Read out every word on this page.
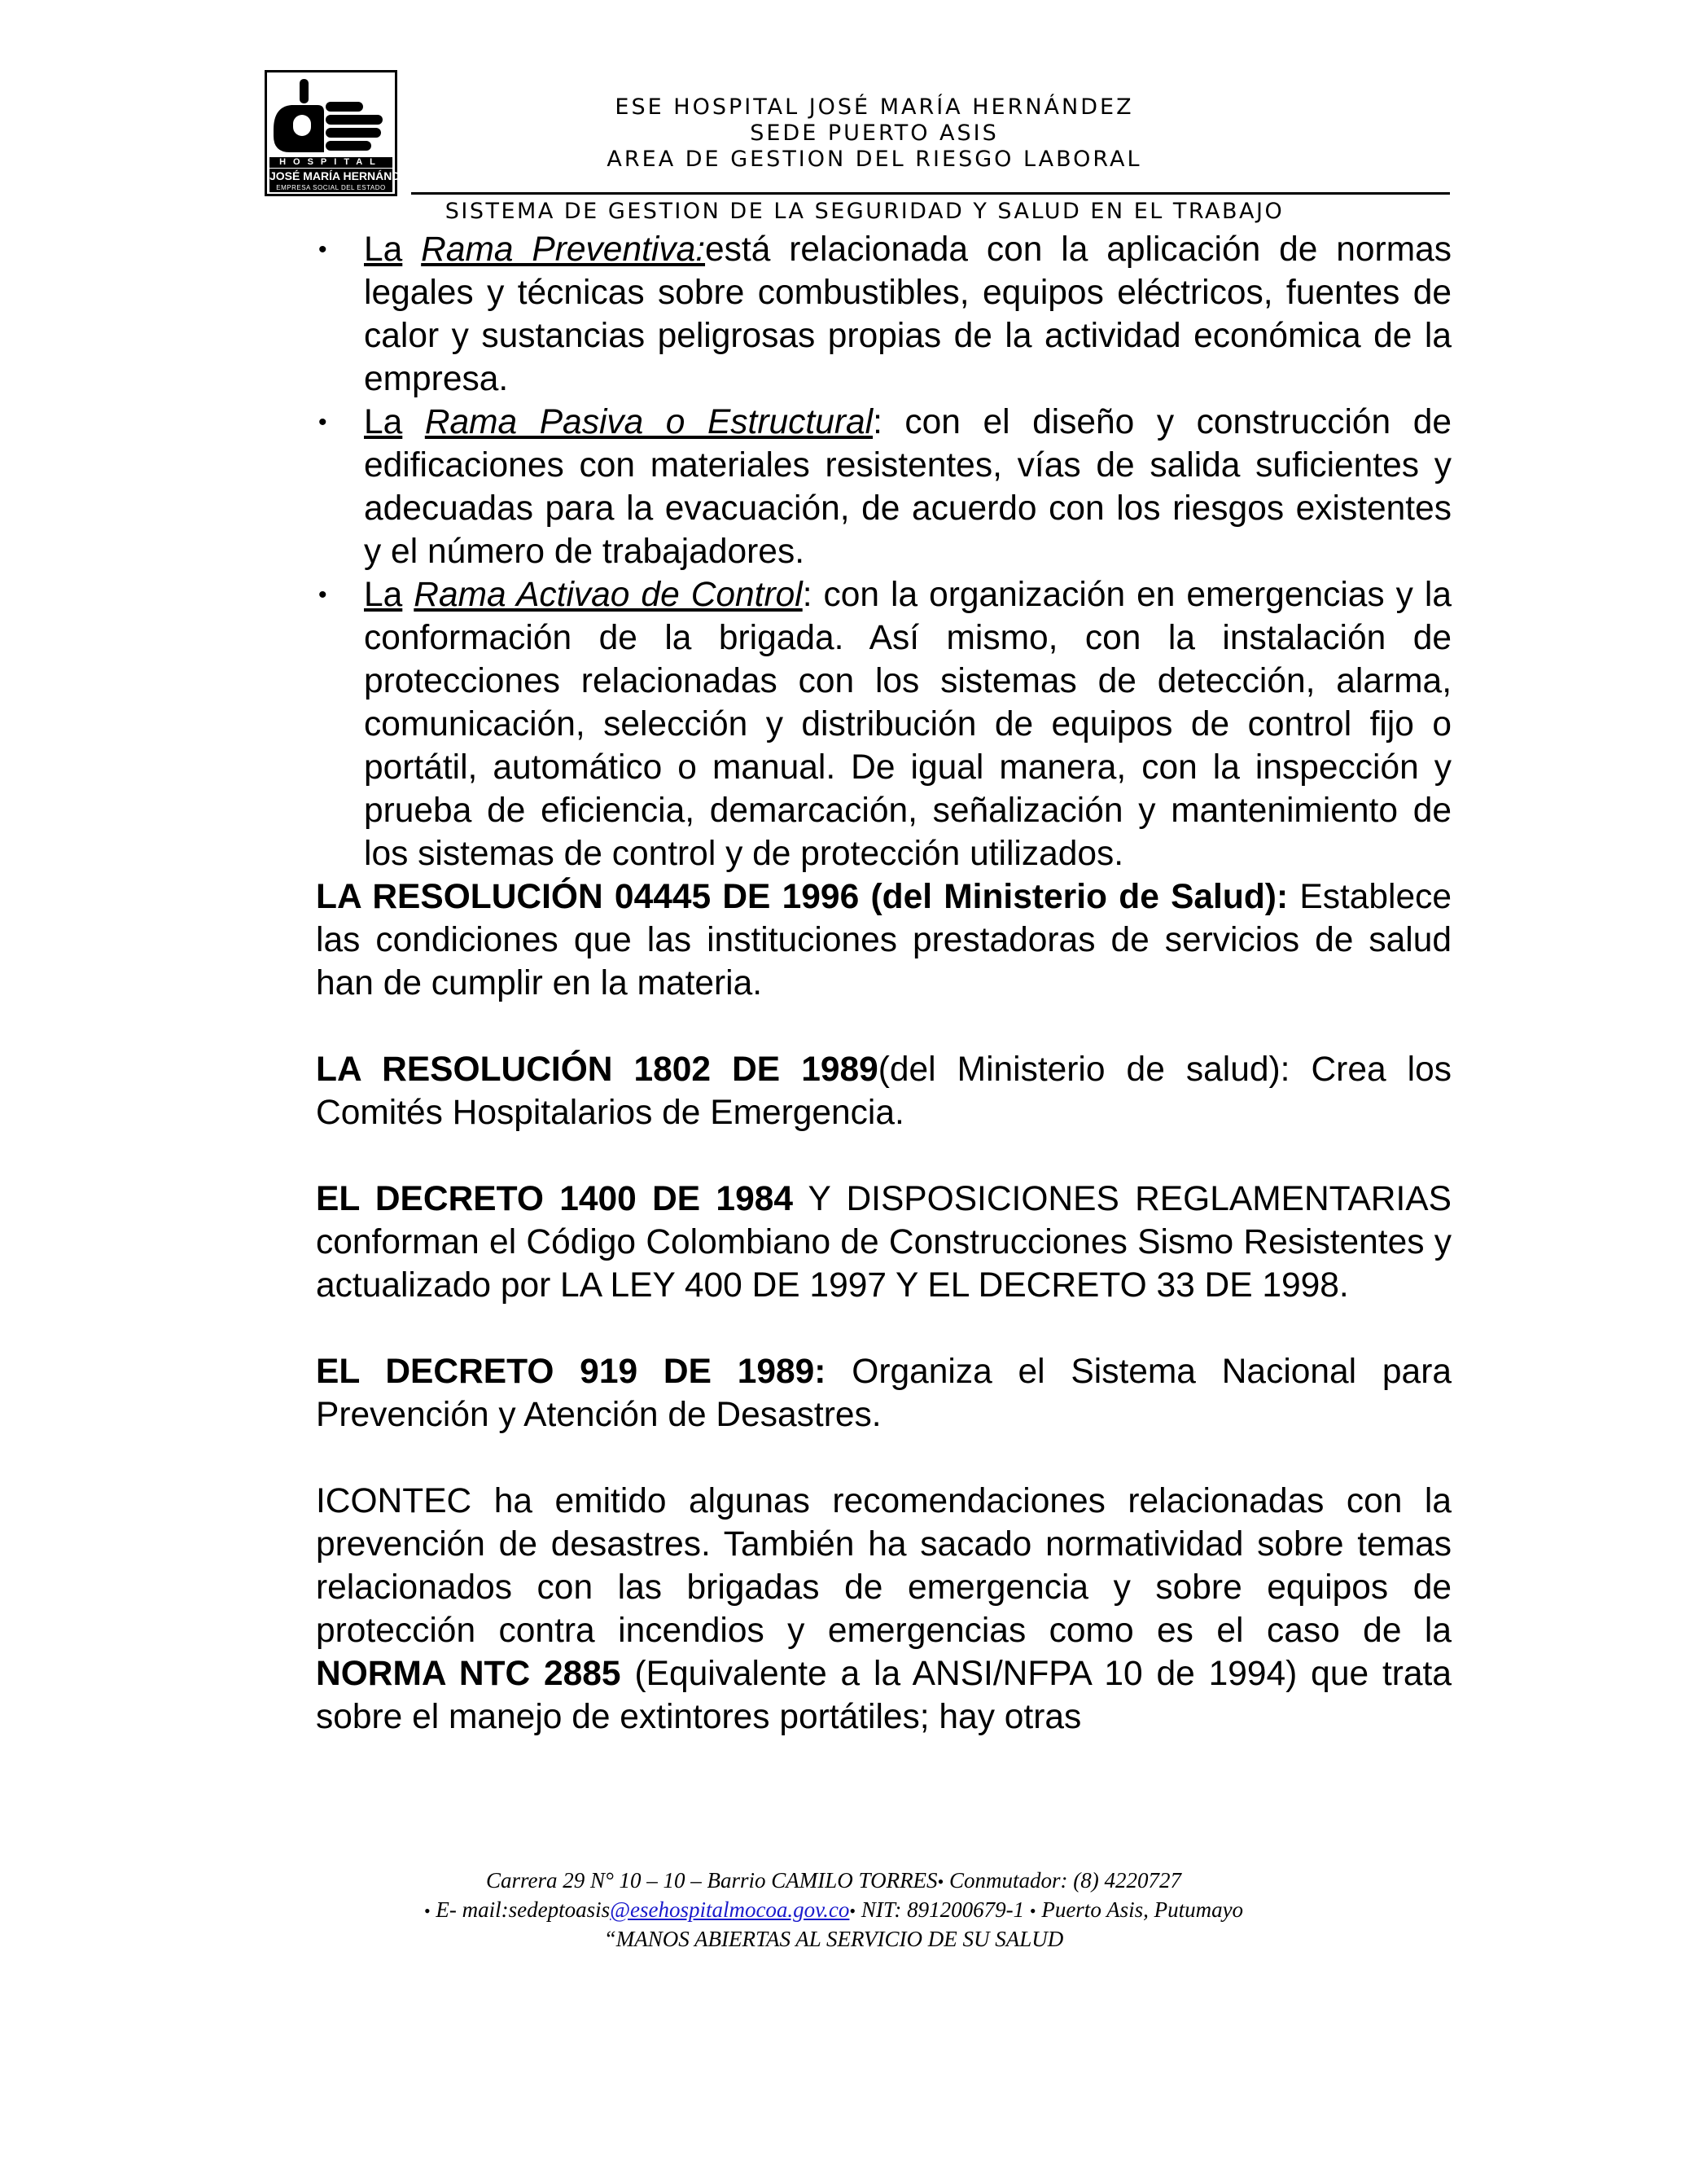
HOSPITAL
JOSÉ MARÍA HERNÁNDEZ
EMPRESA SOCIAL DEL ESTADO
ESE HOSPITAL JOSÉ MARÍA HERNÁNDEZ
SEDE PUERTO ASIS
AREA DE GESTION DEL RIESGO LABORAL
SISTEMA DE GESTION DE LA SEGURIDAD Y SALUD EN EL TRABAJO
• La Rama Preventiva:está relacionada con la aplicación de normas legales y técnicas sobre combustibles, equipos eléctricos, fuentes de calor y sustancias peligrosas propias de la actividad económica de la empresa.
• La Rama Pasiva o Estructural: con el diseño y construcción de edificaciones con materiales resistentes, vías de salida suficientes y adecuadas para la evacuación, de acuerdo con los riesgos existentes y el número de trabajadores.
• La Rama Activao de Control: con la organización en emergencias y la conformación de la brigada. Así mismo, con la instalación de protecciones relacionadas con los sistemas de detección, alarma, comunicación, selección y distribución de equipos de control fijo o portátil, automático o manual. De igual manera, con la inspección y prueba de eficiencia, demarcación, señalización y mantenimiento de los sistemas de control y de protección utilizados.

LA RESOLUCIÓN 04445 DE 1996 (del Ministerio de Salud): Establece las condiciones que las instituciones prestadoras de servicios de salud han de cumplir en la materia.

LA RESOLUCIÓN 1802 DE 1989(del Ministerio de salud): Crea los Comités Hospitalarios de Emergencia.

EL DECRETO 1400 DE 1984 Y DISPOSICIONES REGLAMENTARIAS conforman el Código Colombiano de Construcciones Sismo Resistentes y actualizado por LA LEY 400 DE 1997 Y EL DECRETO 33 DE 1998.

EL DECRETO 919 DE 1989: Organiza el Sistema Nacional para Prevención y Atención de Desastres.

ICONTEC ha emitido algunas recomendaciones relacionadas con la prevención de desastres. También ha sacado normatividad sobre temas relacionados con las brigadas de emergencia y sobre equipos de protección contra incendios y emergencias como es el caso de la NORMA NTC 2885 (Equivalente a la ANSI/NFPA 10 de 1994) que trata sobre el manejo de extintores portátiles; hay otras

Carrera 29 N° 10 – 10 – Barrio CAMILO TORRES• Conmutador: (8) 4220727
• E- mail:sedeptoasis@esehospitalmocoa.gov.co• NIT: 891200679-1 • Puerto Asis, Putumayo
“MANOS ABIERTAS AL SERVICIO DE SU SALUD
